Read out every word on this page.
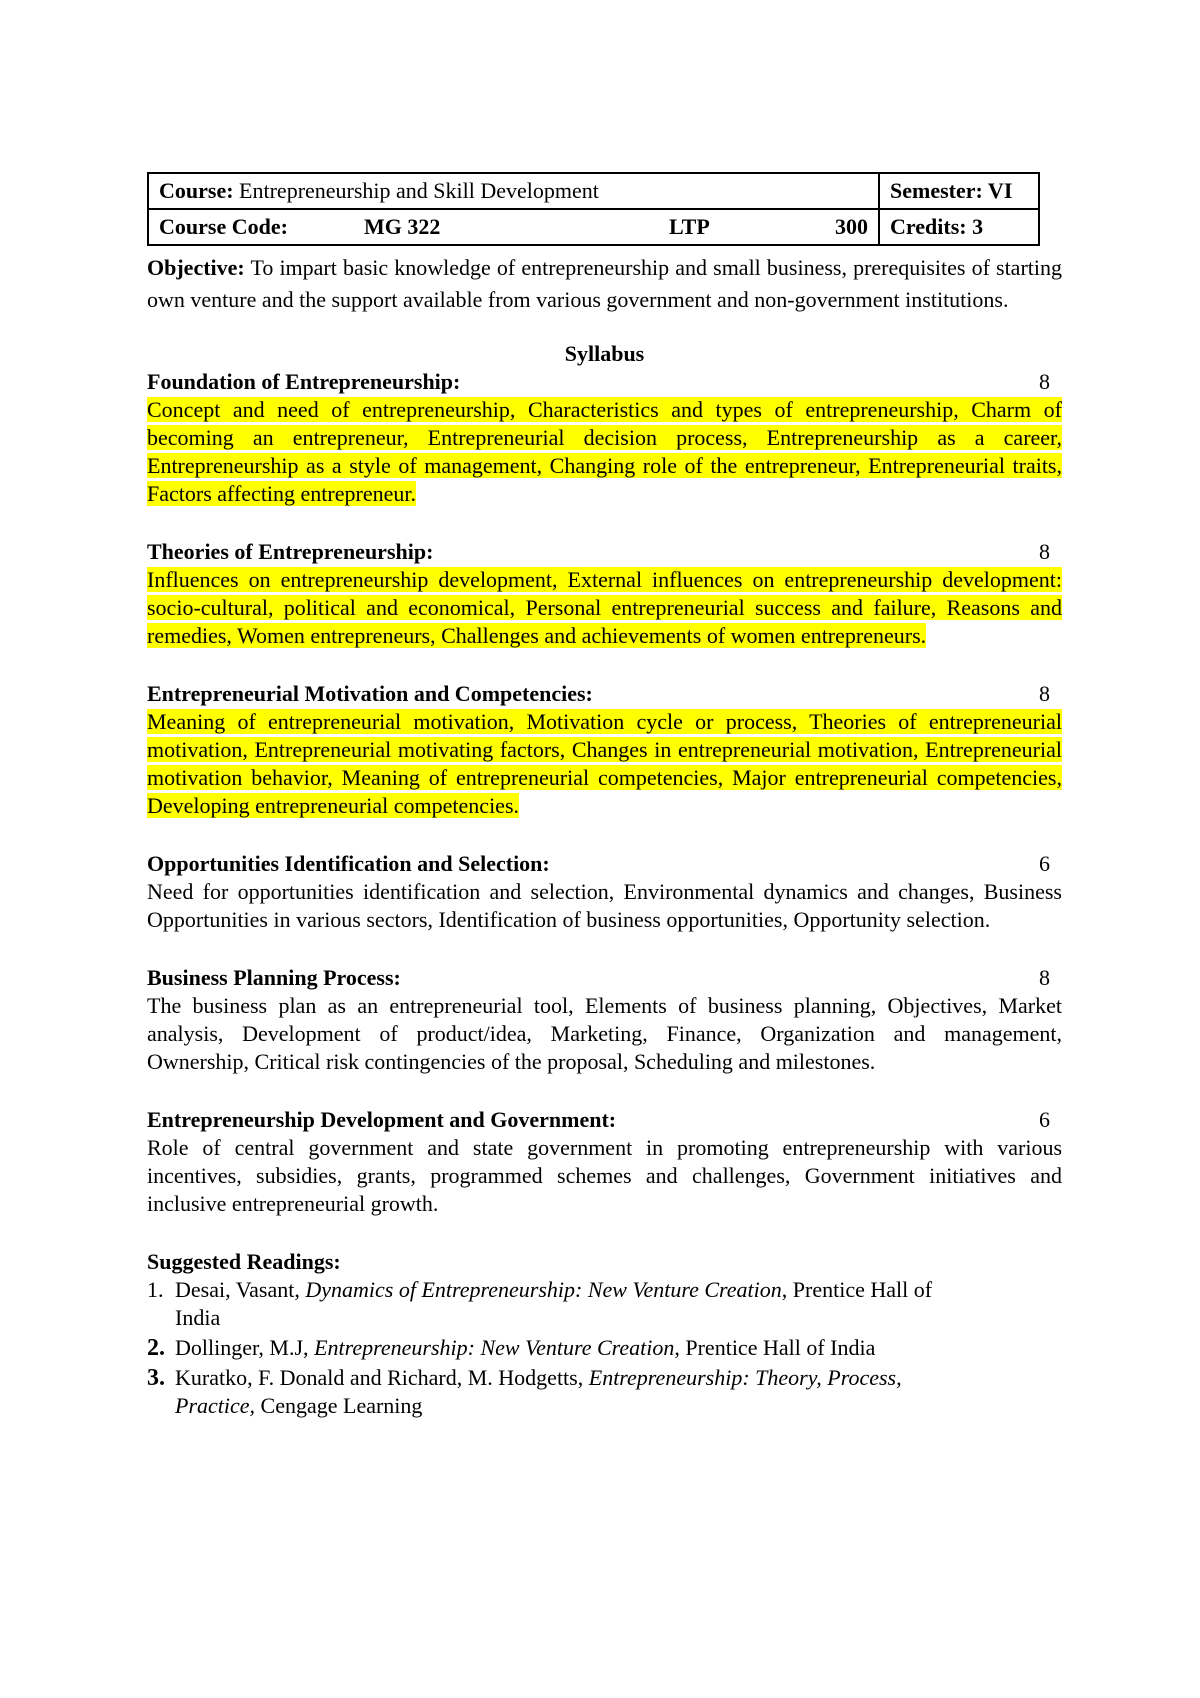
Course: Entrepreneurship and Skill Development	Semester: VI

Course Code: MG 322 LTP 300	Credits: 3

Objective: To impart basic knowledge of entrepreneurship and small business, prerequisites of starting own venture and the support available from various government and non-government institutions.

Syllabus
Foundation of Entrepreneurship:	8

Concept and need of entrepreneurship, Characteristics and types of entrepreneurship, Charm of becoming an entrepreneur, Entrepreneurial decision process, Entrepreneurship as a career, Entrepreneurship as a style of management, Changing role of the entrepreneur, Entrepreneurial traits, Factors affecting entrepreneur.

Theories of Entrepreneurship:	8

Influences on entrepreneurship development, External influences on entrepreneurship development: socio-cultural, political and economical, Personal entrepreneurial success and failure, Reasons and remedies, Women entrepreneurs, Challenges and achievements of women entrepreneurs.

Entrepreneurial Motivation and Competencies:	8

Meaning of entrepreneurial motivation, Motivation cycle or process, Theories of entrepreneurial motivation, Entrepreneurial motivating factors, Changes in entrepreneurial motivation, Entrepreneurial motivation behavior, Meaning of entrepreneurial competencies, Major entrepreneurial competencies, Developing entrepreneurial competencies.

Opportunities Identification and Selection:	6

Need for opportunities identification and selection, Environmental dynamics and changes, Business Opportunities in various sectors, Identification of business opportunities, Opportunity selection.

Business Planning Process:	8

The business plan as an entrepreneurial tool, Elements of business planning, Objectives, Market analysis, Development of product/idea, Marketing, Finance, Organization and management, Ownership, Critical risk contingencies of the proposal, Scheduling and milestones.

Entrepreneurship Development and Government:	6

Role of central government and state government in promoting entrepreneurship with various incentives, subsidies, grants, programmed schemes and challenges, Government initiatives and inclusive entrepreneurial growth.

Suggested Readings:
1. Desai, Vasant, Dynamics of Entrepreneurship: New Venture Creation, Prentice Hall of India
2. Dollinger, M.J, Entrepreneurship: New Venture Creation, Prentice Hall of India
3. Kuratko, F. Donald and Richard, M. Hodgetts, Entrepreneurship: Theory, Process, Practice, Cengage Learning
